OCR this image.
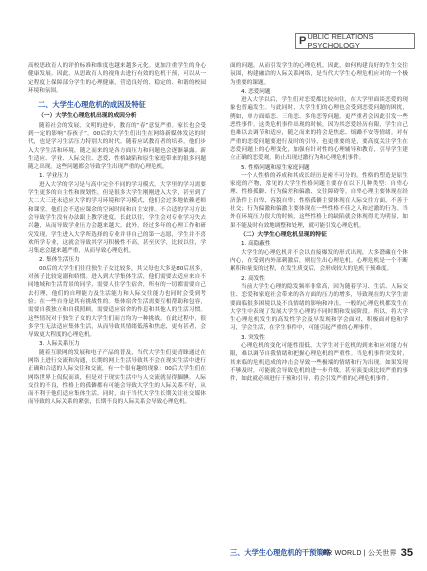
P UBLIC RELATIONS PSYCHOLOGY

高校思政育人的评价标准和维度也越来越多元化。更加注重学生的身心健康发展。因此，从思政育人的视角去进行有效的危机干预，可以从一定程度上保障部分学生的心理健康，营造良好的、稳定的、和谐的校园环境和氛围。

二、大学生心理危机的成因及特征
（一）大学生心理危机出现的成因分析

随着社会的发展，文明的进步，教育的“春”意复严重。家长也会受到一定的影响“春孩子”。00后的大学生们出生在网络新媒体发达的时代，也是学习生活压力特别大的时代。随着应试教育者的培养，他们步入大学生活和环境，随之而来的是各方面压力和问题也会逐渐暴露。新生适应、学业、人际交往、恋爱、性格缺陷和原生家庭带来的很多问题随之出现。这些问题都会导致学生出现严重的心理危机。

1. 学业压力

进入大学的学习是与高中完全不同的学习模式。大学里的学习需要学生更多的自主性和规划性，但是很多大学生刚刚进入大学，甚至到了大二大三还未适应大学的学习环境和学习模式，他们会过多地依赖老师和课堂。他们会不适应课余的空闲时间和自主安排。不合适的学习方法会导致学生没有办法跟上教学进度。长此以往，学生会对专业学习失去兴趣，从而导致学业压力会越来越大。此外，经过多年的心理工作和研究发现，学生进入大学所选择的专业并非自己的第一志愿，学生并不喜欢所学专业，这就会导致其学习积极性不高，甚至厌学，比较以往，学习集虑会越来越严重，从而导致心理危机。

2. 集体生活压力

00后的大学生们往往独生子女比较多，其父母也大多是80后居多，对孩子比较宠溺和娇惯。进入到大学集体生活，他们需要去适应来自不同地域和生活背景的同学，需要人住学生宿舍，所有的一切都需要自己去打理，他们的自理能力及生活能力和人际交往能力也同时会受到考验；在一些自身是其有挑战性的。集体宿舍生活需要互相帮助和包容，需要自我独立和自我照顾。需要适应宿舍的作息和其他人的生活习惯。这些情况对于独生子女的大学生们而言均为一种挑战。在此过程中，很多学生无法适应集体生活，从而导致其情绪低落和焦虑，更有甚者，会导致更大程度的心理危机。

3. 人际关系压力

随着互联网的发展和电子产品的普及，当代大学生们更青睐通过在网络上进行交流和沟通，长期的网上生活导致其不会在现实生活中进行正确和合适的人际交往和交流，有一个很有趣的现象：00后大学生们在网络世界上侃侃而谈，但是对于现实生活中与人交流就显得腼腆。人际交往的不良，性格上的孤僻都有可能会导致大学生的人际关系不好，从而不利于他们适应集体生活。同时，由于当代大学生长期关注社交媒体而导致的人际关系的紧张，长期不良的人际关系会导致心理危机。

面的问题，从而引发学生的心理危机。因此，如何构建良好的生生交往氛围，构建融洽的人际关系网络，是当代大学生心理危机应对的一个极为重要的课题。

4. 恋爱问题

进入大学以后，学生们对恋爱都比较向往，在大学里面谈恋爱的现象也普遍发生。与此同时，大学生们的心理也会受到恋爱问题的困扰，例如，单方面暗恋、三角恋、多角恋等问题。更严重者会因此引发一些恶性事件。这类危机事件出现的时候，因为其恋爱经历有限，学生自己也难以去调节和适应，随之而来的将会是焦虑、烦躁不安等情绪。对有严重的恋爱问题要进行及时的引导，也更重要的是，要高度关注学生在恋爱问题上的心理变化，加强有针对性的心理辅导和教育，引导学生建立正确的恋爱观，防止出现过激行为和心理危机事件。

5. 性格问题和原生家庭问题

一个人性格的养成和其成长经历是密不可分的。性格的塑造是原生家庭的产物，常见的大学生性格问题主要存在以下几种类型：自卑心理、性格孤僻、行为偏差和偏激、交往障碍等。自卑心理主要体现在经济条件上自卑、容貌自卑；性格孤僻主要体现在人际交往方面，不善于社交；行为偏激和偏激主要体现在一些性格不佳之人和过激的行为。当外在环境压力很大的时候，这些性格上的缺陷就会体现得尤为明显，如果不能及时有效地调整和处理，就可能引发心理危机。

（二）大学生心理危机呈现的特征
1. 高隐蔽性

大学生的心理危机并不会以直接爆发的形式出现，大多潜藏在个体内心，在受到内外部刺激后，则衍生出心理危机。心理危机是一个不断累积和量变的过程，在发生质变后，会形成较大的危机干预难度。

2. 高发性

当前大学生心理的隐发频率非常高，因为随着学习、生活、人际交往、恋爱和家庭社会带来的各方面的压力的增多，导致现在的大学生需要面临很多困境以及不良情绪的影响和冲击，一般的心理危机都发生在大学生中表现了发展大学生心理的不同时期和发展阶段。所以，将大学生心理危机发生的高发性学会及早发现和学会面对、积极面对他和学习，学会生活，在学生事件中，可能引起严重的心理事件。

3. 突发性

心理危机的变化可能性很低，大学生对于危机的到来和应对能力有限，难以调节自我情绪和把握心理危机的严重性。当危机事件突发时，其来临的危机造成的冲击会导致一些极端的情绪和行为出现。如果发现不够及时，可能就会导致危机的进一步升级，甚至演变成比较严重的事件，如此就必须进行干预和引导，将会引发严重的心理危机事件。

三、大学生心理危机的干预策略
PR WORLD | 公关世界 35
